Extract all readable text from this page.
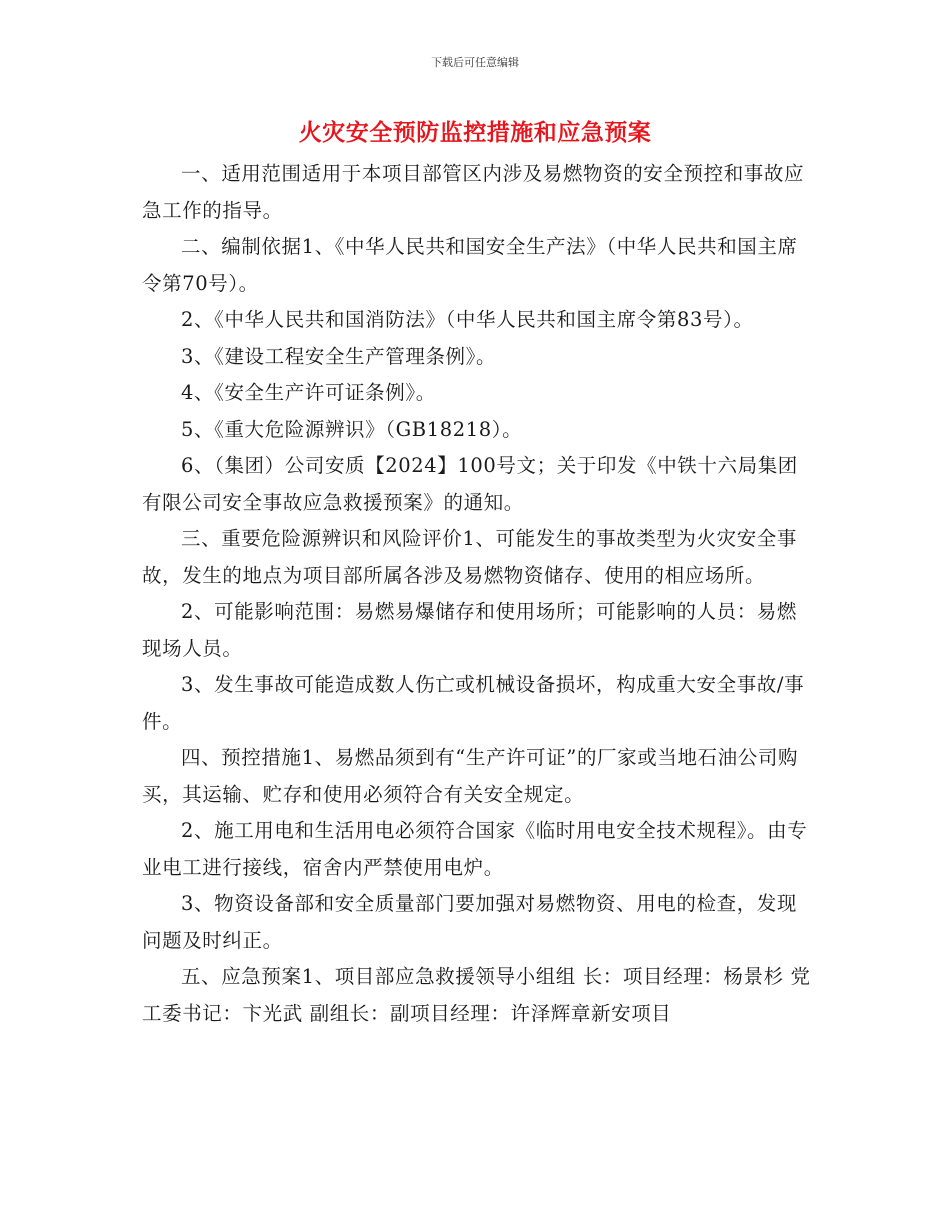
下载后可任意编辑
火灾安全预防监控措施和应急预案

一、适用范围适用于本项目部管区内涉及易燃物资的安全预控和事故应急工作的指导。

二、编制依据1、《中华人民共和国安全生产法》（中华人民共和国主席令第70号）。

2、《中华人民共和国消防法》（中华人民共和国主席令第83号）。

3、《建设工程安全生产管理条例》。

4、《安全生产许可证条例》。

5、《重大危险源辨识》（GB18218）。

6、（集团）公司安质【2024】100号文；关于印发《中铁十六局集团有限公司安全事故应急救援预案》的通知。

三、重要危险源辨识和风险评价1、可能发生的事故类型为火灾安全事故，发生的地点为项目部所属各涉及易燃物资储存、使用的相应场所。

2、可能影响范围：易燃易爆储存和使用场所；可能影响的人员：易燃现场人员。

3、发生事故可能造成数人伤亡或机械设备损坏，构成重大安全事故/事件。

四、预控措施1、易燃品须到有“生产许可证”的厂家或当地石油公司购买，其运输、贮存和使用必须符合有关安全规定。

2、施工用电和生活用电必须符合国家《临时用电安全技术规程》。由专业电工进行接线，宿舍内严禁使用电炉。

3、物资设备部和安全质量部门要加强对易燃物资、用电的检查，发现问题及时纠正。

五、应急预案1、项目部应急救援领导小组组 长：项目经理：杨景杉 党工委书记：卞光武 副组长：副项目经理：许泽辉章新安项目
